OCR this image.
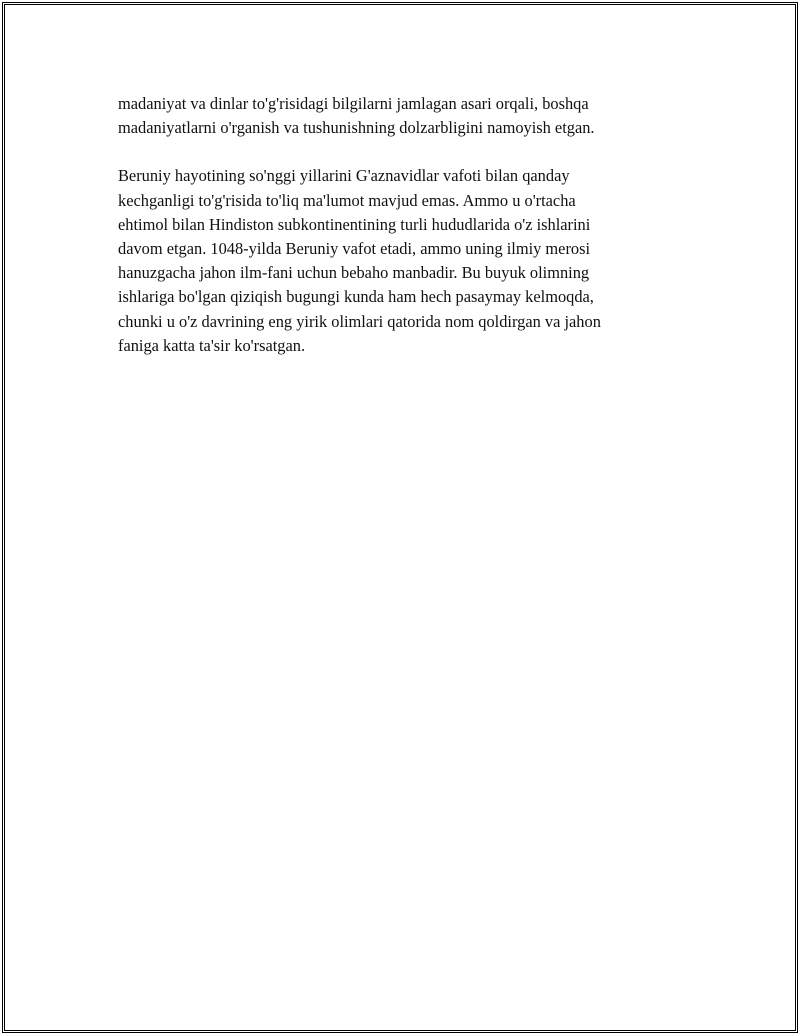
madaniyat va dinlar to'g'risidagi bilgilarni jamlagan asari orqali, boshqa
madaniyatlarni o'rganish va tushunishning dolzarbligini namoyish etgan.

Beruniy hayotining so'nggi yillarini G'aznavidlar vafoti bilan qanday
kechganligi to'g'risida to'liq ma'lumot mavjud emas. Ammo u o'rtacha
ehtimol bilan Hindiston subkontinentining turli hududlarida o'z ishlarini
davom etgan. 1048-yilda Beruniy vafot etadi, ammo uning ilmiy merosi
hanuzgacha jahon ilm-fani uchun bebaho manbadir. Bu buyuk olimning
ishlariga bo'lgan qiziqish bugungi kunda ham hech pasaymay kelmoqda,
chunki u o'z davrining eng yirik olimlari qatorida nom qoldirgan va jahon
faniga katta ta'sir ko'rsatgan.
